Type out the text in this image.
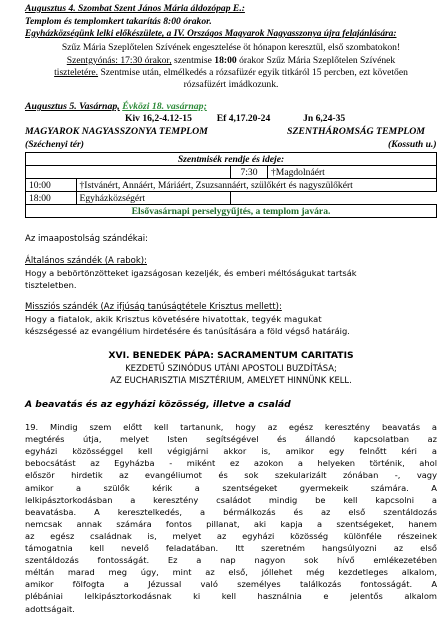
Augusztus 4. Szombat Szent János Mária áldozópap E.:
Templom és templomkert takarítás 8:00 órakor.
Egyházközségünk lelki előkészülete, a IV. Országos Magyarok Nagyasszonya újra felajánlására:
Szűz Mária Szeplőtelen Szívének engesztelése öt hónapon keresztül, első szombatokon!
Szentgyónás: 17:30 órakor, szentmise 18:00 órakor Szűz Mária Szeplőtelen Szívének
tiszteletére. Szentmise után, elmélkedés a rózsafüzér egyik titkáról 15 percben, ezt követően
rózsafüzért imádkozunk.
Augusztus 5. Vasárnap, Évközi 18. vasárnap;
Kiv 16,2-4.12-15	Ef 4,17.20-24	Jn 6,24-35
MAGYAROK NAGYASSZONYA TEMPLOM	SZENTHÁROMSÁG TEMPLOM
(Széchenyi tér)	(Kossuth u.)
Szentmisék rendje és ideje:			
		7:30	†Magdolnáért
10:00	†Istvánért, Annáért, Máriáért, Zsuzsannáért, szülőkért és nagyszülőkért		
18:00	Egyházközségért		
Elsővasárnapi perselygyűjtés, a templom javára.			
Az imaapostolság szándékai:
Általános szándék (A rabok):
Hogy a bebörtönzötteket igazságosan kezeljék, és emberi méltóságukat tartsák
tiszteletben.
Missziós szándék (Az ifjúság tanúságtétele Krisztus mellett):
Hogy a fiatalok, akik Krisztus követésére hivatottak, tegyék magukat
készségessé az evangélium hirdetésére és tanúsítására a föld végső határáig.
XVI. BENEDEK PÁPA: SACRAMENTUM CARITATIS
KEZDETŰ SZINÓDUS UTÁNI APOSTOLI BUZDÍTÁSA;
AZ EUCHARISZTIA MISZTÉRIUM, AMELYET HINNÜNK KELL.
A beavatás és az egyházi közösség, illetve a család
19. Mindig szem előtt kell tartanunk, hogy az egész keresztény beavatás a
megtérés útja, melyet Isten segítségével és állandó kapcsolatban az
egyházi közösséggel kell végigjárni akkor is, amikor egy felnőtt kéri a
bebocsátást az Egyházba - miként ez azokon a helyeken történik, ahol
először hirdetik az evangéliumot és sok szekularizált zónában -, vagy
amikor a szülők kérik a szentségeket gyermekeik számára. A
lelkipásztorkodásban a keresztény családot mindig be kell kapcsolni a
beavatásba. A keresztelkedés, a bérmálkozás és az első szentáldozás
nemcsak annak számára fontos pillanat, aki kapja a szentségeket, hanem
az egész családnak is, melyet az egyházi közösség különféle részeinek
támogatnia kell nevelő feladatában. Itt szeretném hangsúlyozni az első
szentáldozás fontosságát. Ez a nap nagyon sok hívő emlékezetében
méltán marad meg úgy, mint az első, jóllehet még kezdetleges alkalom,
amikor fölfogta a Jézussal való személyes találkozás fontosságát. A
plébániai lelkipásztorkodásnak ki kell használnia e jelentős alkalom
adottságait.
